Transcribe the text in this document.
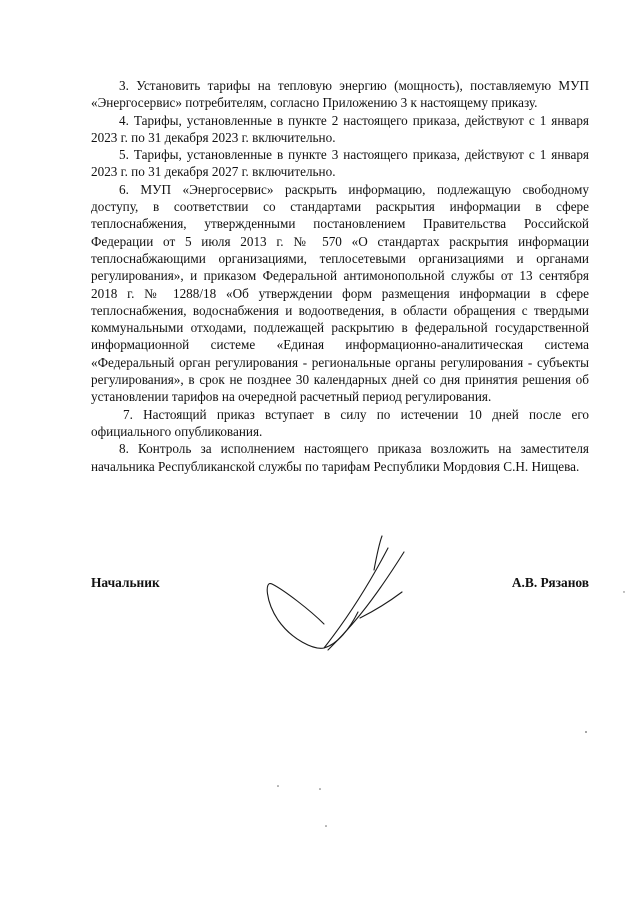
3. Установить тарифы на тепловую энергию (мощность), поставляемую МУП «Энергосервис» потребителям, согласно Приложению 3 к настоящему приказу.

4. Тарифы, установленные в пункте 2 настоящего приказа, действуют с 1 января 2023 г. по 31 декабря 2023 г. включительно.

5. Тарифы, установленные в пункте 3 настоящего приказа, действуют с 1 января 2023 г. по 31 декабря 2027 г. включительно.

6. МУП «Энергосервис» раскрыть информацию, подлежащую свободному доступу, в соответствии со стандартами раскрытия информации в сфере теплоснабжения, утвержденными постановлением Правительства Российской Федерации от 5 июля 2013 г. № 570 «О стандартах раскрытия информации теплоснабжающими организациями, теплосетевыми организациями и органами регулирования», и приказом Федеральной антимонопольной службы от 13 сентября 2018 г. № 1288/18 «Об утверждении форм размещения информации в сфере теплоснабжения, водоснабжения и водоотведения, в области обращения с твердыми коммунальными отходами, подлежащей раскрытию в федеральной государственной информационной системе «Единая информационно-аналитическая система «Федеральный орган регулирования - региональные органы регулирования - субъекты регулирования», в срок не позднее 30 календарных дней со дня принятия решения об установлении тарифов на очередной расчетный период регулирования.

7. Настоящий приказ вступает в силу по истечении 10 дней после его официального опубликования.

8. Контроль за исполнением настоящего приказа возложить на заместителя начальника Республиканской службы по тарифам Республики Мордовия С.Н. Нищева.

Начальник	А.В. Рязанов
